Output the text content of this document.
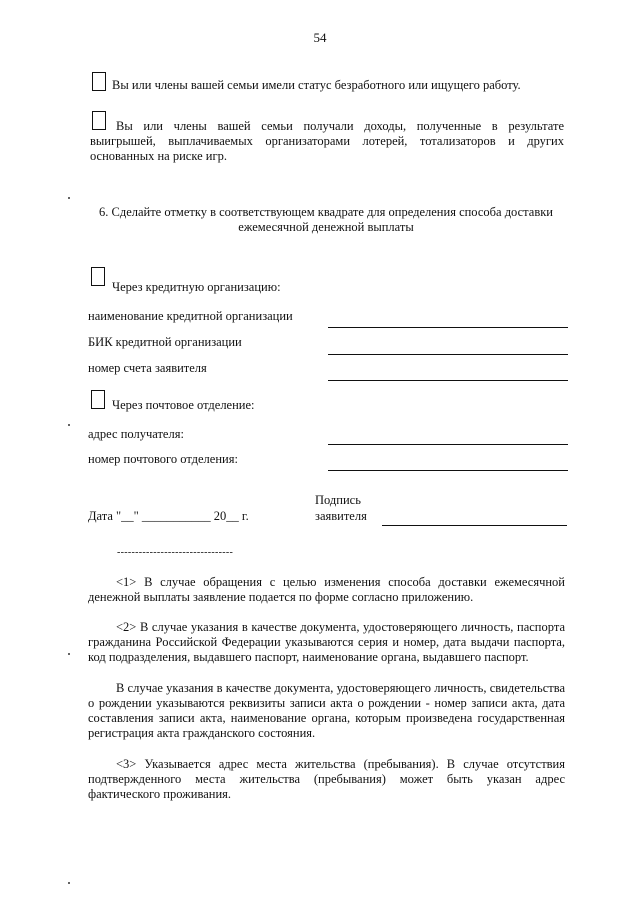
54
Вы или члены вашей семьи имели статус безработного или ищущего работу.
Вы или члены вашей семьи получали доходы, полученные в результате выигрышей, выплачиваемых организаторами лотерей, тотализаторов и других основанных на риске игр.
6. Сделайте отметку в соответствующем квадрате для определения способа доставки
ежемесячной денежной выплаты
Через кредитную организацию:
наименование кредитной организации
БИК кредитной организации
номер счета заявителя
Через почтовое отделение:
адрес получателя:
номер почтового отделения:
Дата "__" ___________ 20__ г.
Подпись
заявителя
--------------------------------
<1> В случае обращения с целью изменения способа доставки ежемесячной денежной выплаты заявление подается по форме согласно приложению.
<2> В случае указания в качестве документа, удостоверяющего личность, паспорта гражданина Российской Федерации указываются серия и номер, дата выдачи паспорта, код подразделения, выдавшего паспорт, наименование органа, выдавшего паспорт.
В случае указания в качестве документа, удостоверяющего личность, свидетельства о рождении указываются реквизиты записи акта о рождении - номер записи акта, дата составления записи акта, наименование органа, которым произведена государственная регистрация акта гражданского состояния.
<3> Указывается адрес места жительства (пребывания). В случае отсутствия подтвержденного места жительства (пребывания) может быть указан адрес фактического проживания.
